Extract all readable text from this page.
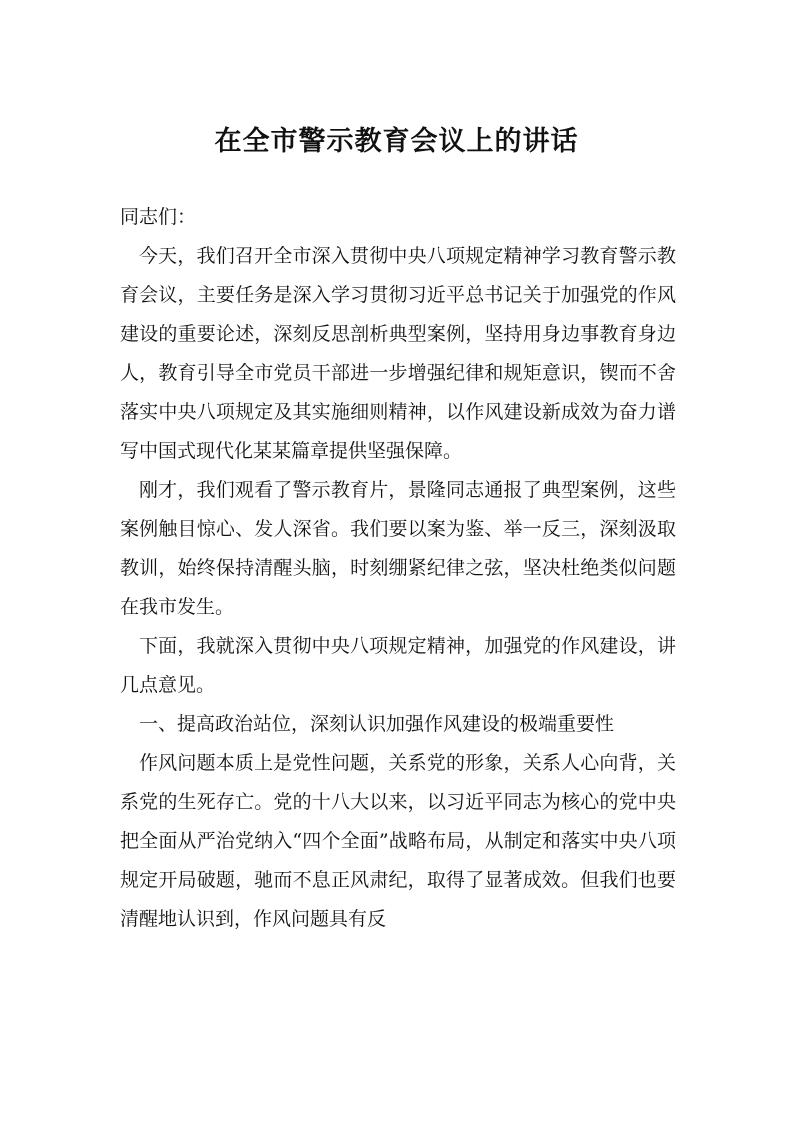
在全市警示教育会议上的讲话

同志们：

今天，我们召开全市深入贯彻中央八项规定精神学习教育警示教育会议，主要任务是深入学习贯彻习近平总书记关于加强党的作风建设的重要论述，深刻反思剖析典型案例，坚持用身边事教育身边人，教育引导全市党员干部进一步增强纪律和规矩意识，锲而不舍落实中央八项规定及其实施细则精神，以作风建设新成效为奋力谱写中国式现代化某某篇章提供坚强保障。

刚才，我们观看了警示教育片，景隆同志通报了典型案例，这些案例触目惊心、发人深省。我们要以案为鉴、举一反三，深刻汲取教训，始终保持清醒头脑，时刻绷紧纪律之弦，坚决杜绝类似问题在我市发生。

下面，我就深入贯彻中央八项规定精神，加强党的作风建设，讲几点意见。

一、提高政治站位，深刻认识加强作风建设的极端重要性

作风问题本质上是党性问题，关系党的形象，关系人心向背，关系党的生死存亡。党的十八大以来，以习近平同志为核心的党中央把全面从严治党纳入“四个全面”战略布局，从制定和落实中央八项规定开局破题，驰而不息正风肃纪，取得了显著成效。但我们也要清醒地认识到，作风问题具有反
